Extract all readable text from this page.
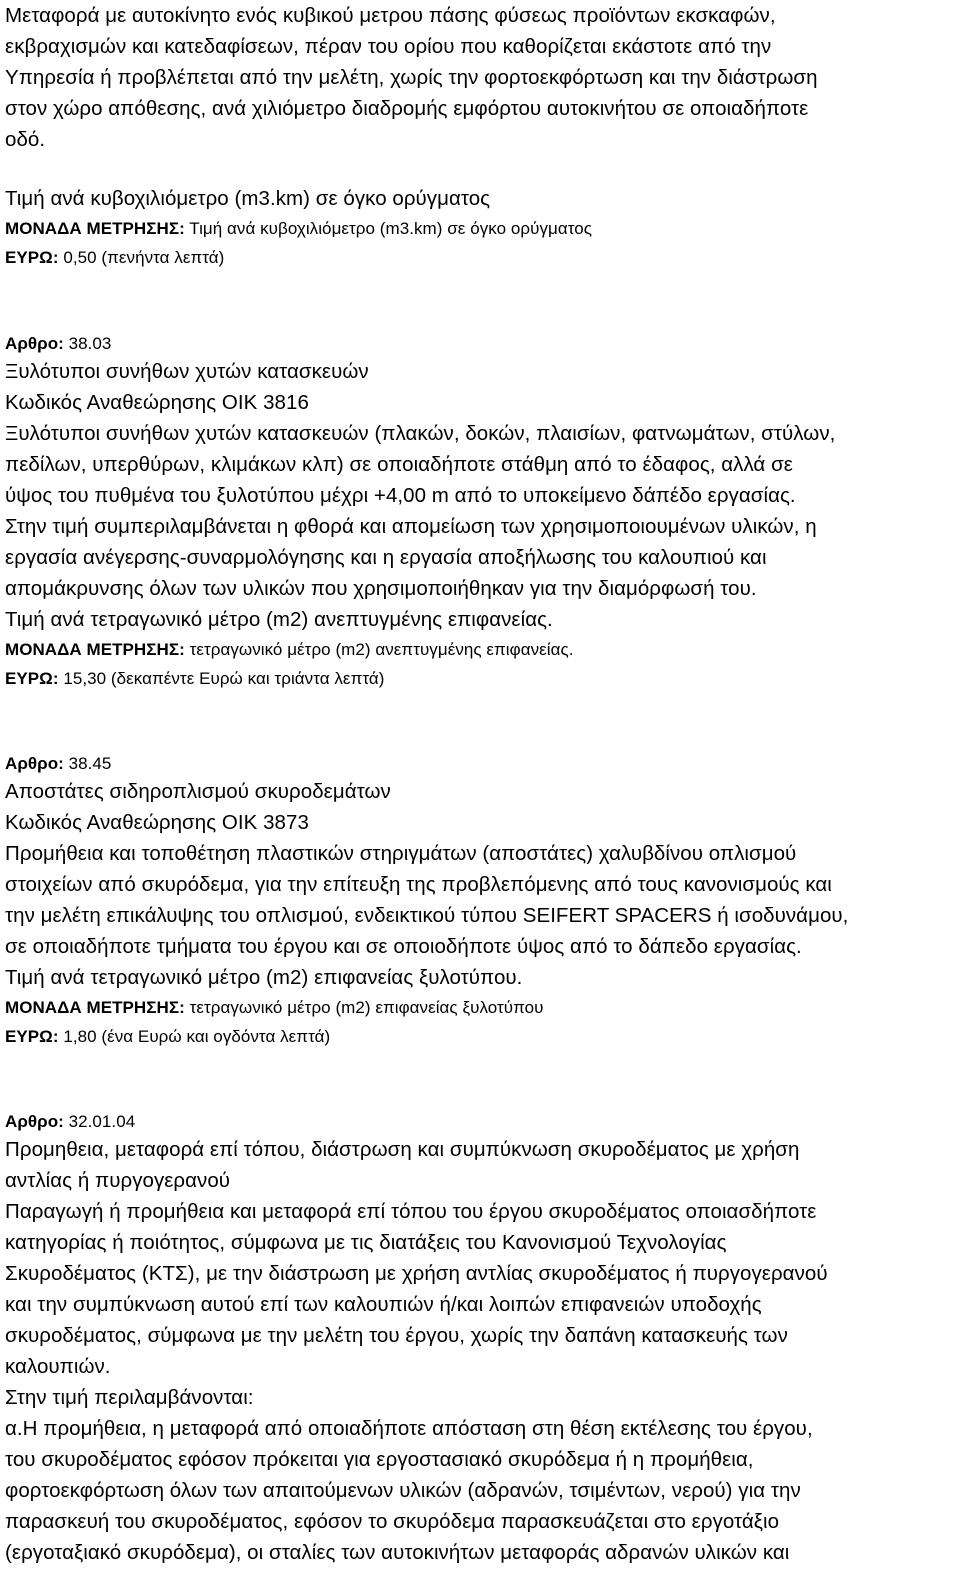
Μεταφορά με αυτοκίνητο ενός κυβικού μετρου πάσης φύσεως προϊόντων εκσκαφών,
εκβραχισμών και κατεδαφίσεων, πέραν του ορίου που καθορίζεται εκάστοτε από την
Υπηρεσία ή προβλέπεται από την μελέτη, χωρίς την φορτοεκφόρτωση και την διάστρωση
στον χώρο απόθεσης, ανά χιλιόμετρο διαδρομής εμφόρτου αυτοκινήτου σε οποιαδήποτε
οδό.
Τιμή ανά κυβοχιλιόμετρο (m3.km) σε όγκο ορύγματος
ΜΟΝΑΔΑ ΜΕΤΡΗΣΗΣ: Τιμή ανά κυβοχιλιόμετρο (m3.km) σε όγκο ορύγματος
ΕΥΡΩ: 0,50 (πενήντα λεπτά)
Αρθρο: 38.03
Ξυλότυποι συνήθων χυτών κατασκευών
Κωδικός Αναθεώρησης ΟΙΚ 3816
Ξυλότυποι συνήθων χυτών κατασκευών (πλακών, δοκών, πλαισίων, φατνωμάτων, στύλων,
πεδίλων, υπερθύρων, κλιμάκων κλπ) σε οποιαδήποτε στάθμη από το έδαφος, αλλά σε
ύψος του πυθμένα του ξυλοτύπου μέχρι +4,00 m από το υποκείμενο δάπέδο εργασίας.
Στην τιμή συμπεριλαμβάνεται η φθορά και απομείωση των χρησιμοποιουμένων υλικών, η
εργασία ανέγερσης-συναρμολόγησης και η εργασία αποξήλωσης του καλουπιού και
απομάκρυνσης όλων των υλικών που χρησιμοποιήθηκαν για την διαμόρφωσή του.
Τιμή ανά τετραγωνικό μέτρο (m2) ανεπτυγμένης επιφανείας.
ΜΟΝΑΔΑ ΜΕΤΡΗΣΗΣ: τετραγωνικό μέτρο (m2) ανεπτυγμένης επιφανείας.
ΕΥΡΩ: 15,30 (δεκαπέντε Ευρώ και τριάντα λεπτά)
Αρθρο: 38.45
Αποστάτες σιδηροπλισμού σκυροδεμάτων
Κωδικός Αναθεώρησης ΟΙΚ 3873
Προμήθεια και τοποθέτηση πλαστικών στηριγμάτων (αποστάτες) χαλυβδίνου οπλισμού
στοιχείων από σκυρόδεμα, για την επίτευξη της προβλεπόμενης από τους κανονισμούς και
την μελέτη επικάλυψης του οπλισμού, ενδεικτικού τύπου SEIFERT SPACERS ή ισοδυνάμου,
σε οποιαδήποτε τμήματα του έργου και σε οποιοδήποτε ύψος από το δάπεδο εργασίας.
Τιμή ανά τετραγωνικό μέτρο (m2) επιφανείας ξυλοτύπου.
ΜΟΝΑΔΑ ΜΕΤΡΗΣΗΣ: τετραγωνικό μέτρο (m2) επιφανείας ξυλοτύπου
ΕΥΡΩ: 1,80 (ένα Ευρώ και ογδόντα λεπτά)
Αρθρο: 32.01.04
Προμηθεια, μεταφορά επί τόπου, διάστρωση και συμπύκνωση σκυροδέματος με χρήση
αντλίας ή πυργογερανού
Παραγωγή ή προμήθεια και μεταφορά επί τόπου του έργου σκυροδέματος οποιασδήποτε
κατηγορίας ή ποιότητος, σύμφωνα με τις διατάξεις του Κανονισμού Τεχνολογίας
Σκυροδέματος (ΚΤΣ), με την διάστρωση με χρήση αντλίας σκυροδέματος ή πυργογερανού
και την συμπύκνωση αυτού επί των καλουπιών ή/και λοιπών επιφανειών υποδοχής
σκυροδέματος, σύμφωνα με την μελέτη του έργου, χωρίς την δαπάνη κατασκευής των
καλουπιών.
Στην τιμή περιλαμβάνονται:
α.Η προμήθεια, η μεταφορά από οποιαδήποτε απόσταση στη θέση εκτέλεσης του έργου,
του σκυροδέματος εφόσον πρόκειται για εργοστασιακό σκυρόδεμα ή η προμήθεια,
φορτοεκφόρτωση όλων των απαιτούμενων υλικών (αδρανών, τσιμέντων, νερού) για την
παρασκευή του σκυροδέματος, εφόσον το σκυρόδεμα παρασκευάζεται στο εργοτάξιο
(εργοταξιακό σκυρόδεμα), οι σταλίες των αυτοκινήτων μεταφοράς αδρανών υλικών και
